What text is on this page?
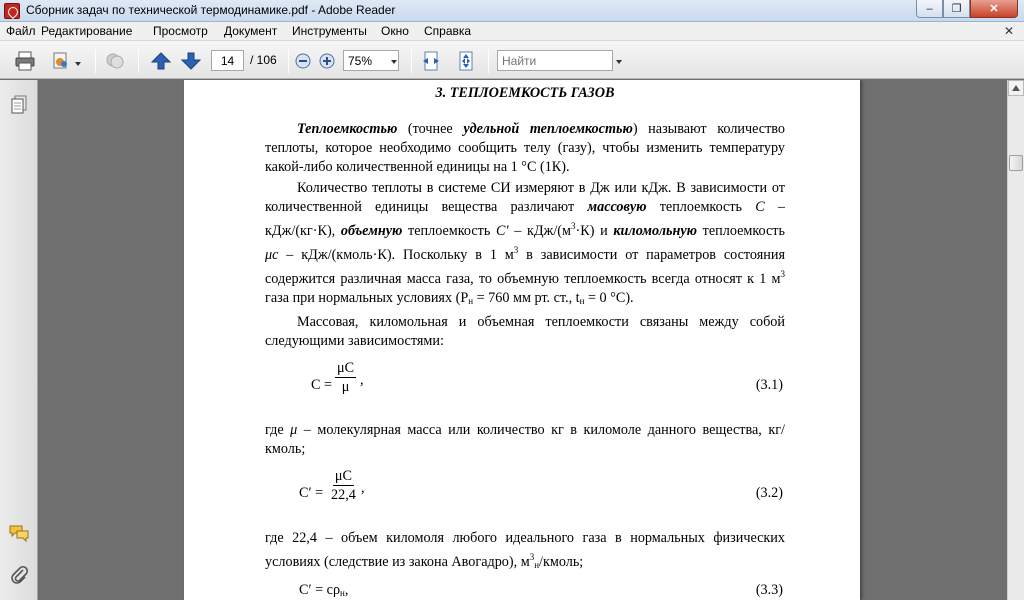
Сборник задач по технической термодинамике.pdf - Adobe Reader	–	❐	✕
Файл Редактирование Просмотр Документ Инструменты Окно Справка	✕
14
/ 106
75%
Найти
3. ТЕПЛОЕМКОСТЬ ГАЗОВ

Теплоемкостью (точнее удельной теплоемкостью) называют количество теплоты, которое необходимо сообщить телу (газу), чтобы изменить температуру какой-либо количественной единицы на 1 °С (1К).

Количество теплоты в системе СИ измеряют в Дж или кДж. В зависимости от количественной единицы вещества различают массовую теплоемкость С – кДж/(кг·К), объемную теплоемкость C′ – кДж/$(м^3\cdot К)$ и киломольную теплоемкость μс – кДж/(кмоль·К). Поскольку в 1 $м^3$ в зависимости от параметров состояния содержится различная масса газа, то объемную теплоемкость всегда относят к 1 $м^3$ газа при нормальных условиях ($Р_н = 760$ мм рт. ст., $t_н = 0$ °С).

Массовая, киломольная и объемная теплоемкости связаны между собой следующими зависимостями:

$С = \frac{\mu C}{\mu}$ ,	(3.1)

где μ – молекулярная масса или количество кг в киломоле данного вещества, кг/кмоль;

$C' = \frac{\mu C}{22,4}$ ,	(3.2)

где 22,4 – объем киломоля любого идеального газа в нормальных физических условиях (следствие из закона Авогадро), $м^3_н$/кмоль;

$C' = c\rho_н$,	(3.3)
